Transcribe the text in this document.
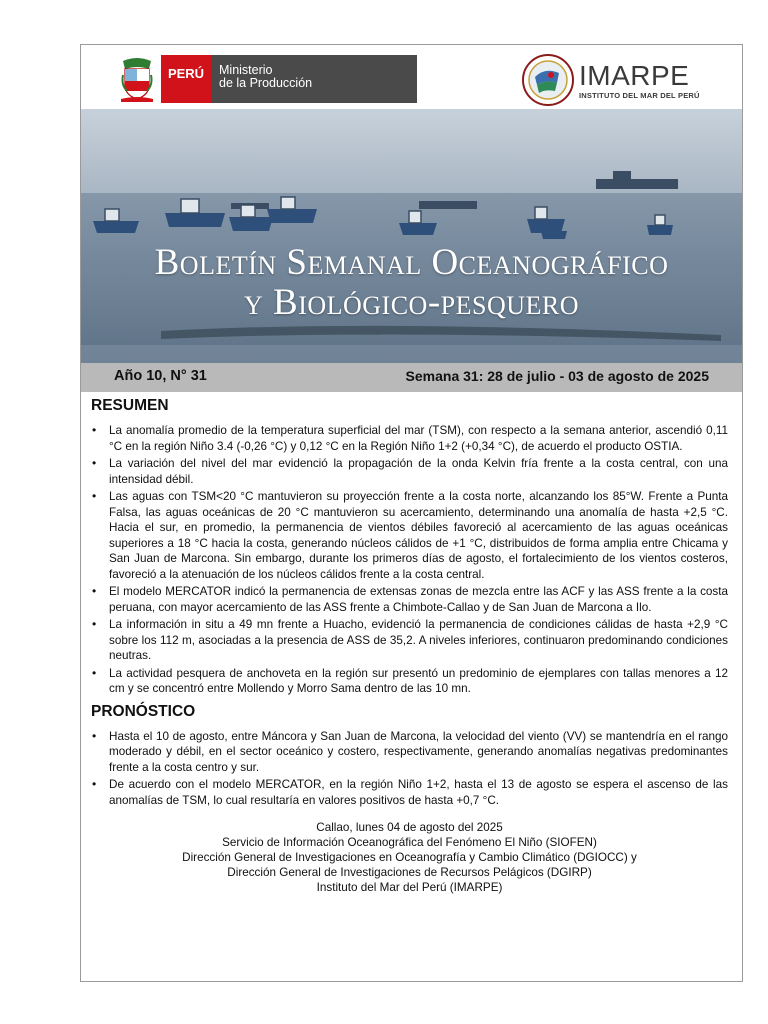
PERÚ	Ministerio
de la Producción	IMARPE
INSTITUTO DEL MAR DEL PERÚ
Boletín Semanal Oceanográfico
y Biológico-pesquero
Año 10, N° 31	Semana 31: 28 de julio - 03 de agosto de 2025
RESUMEN
• La anomalía promedio de la temperatura superficial del mar (TSM), con respecto a la semana anterior, ascendió 0,11 °C en la región Niño 3.4 (-0,26 °C) y 0,12 °C en la Región Niño 1+2 (+0,34 °C), de acuerdo el producto OSTIA.
• La variación del nivel del mar evidenció la propagación de la onda Kelvin fría frente a la costa central, con una intensidad débil.
• Las aguas con TSM<20 °C mantuvieron su proyección frente a la costa norte, alcanzando los 85°W. Frente a Punta Falsa, las aguas oceánicas de 20 °C mantuvieron su acercamiento, determinando una anomalía de hasta +2,5 °C. Hacia el sur, en promedio, la permanencia de vientos débiles favoreció al acercamiento de las aguas oceánicas superiores a 18 °C hacia la costa, generando núcleos cálidos de +1 °C, distribuidos de forma amplia entre Chicama y San Juan de Marcona. Sin embargo, durante los primeros días de agosto, el fortalecimiento de los vientos costeros, favoreció a la atenuación de los núcleos cálidos frente a la costa central.
• El modelo MERCATOR indicó la permanencia de extensas zonas de mezcla entre las ACF y las ASS frente a la costa peruana, con mayor acercamiento de las ASS frente a Chimbote-Callao y de San Juan de Marcona a Ilo.
• La información in situ a 49 mn frente a Huacho, evidenció la permanencia de condiciones cálidas de hasta +2,9 °C sobre los 112 m, asociadas a la presencia de ASS de 35,2. A niveles inferiores, continuaron predominando condiciones neutras.
• La actividad pesquera de anchoveta en la región sur presentó un predominio de ejemplares con tallas menores a 12 cm y se concentró entre Mollendo y Morro Sama dentro de las 10 mn.
PRONÓSTICO
• Hasta el 10 de agosto, entre Máncora y San Juan de Marcona, la velocidad del viento (VV) se mantendría en el rango moderado y débil, en el sector oceánico y costero, respectivamente, generando anomalías negativas predominantes frente a la costa centro y sur.
• De acuerdo con el modelo MERCATOR, en la región Niño 1+2, hasta el 13 de agosto se espera el ascenso de las anomalías de TSM, lo cual resultaría en valores positivos de hasta +0,7 °C.
Callao, lunes 04 de agosto del 2025
Servicio de Información Oceanográfica del Fenómeno El Niño (SIOFEN)
Dirección General de Investigaciones en Oceanografía y Cambio Climático (DGIOCC) y
Dirección General de Investigaciones de Recursos Pelágicos (DGIRP)
Instituto del Mar del Perú (IMARPE)
